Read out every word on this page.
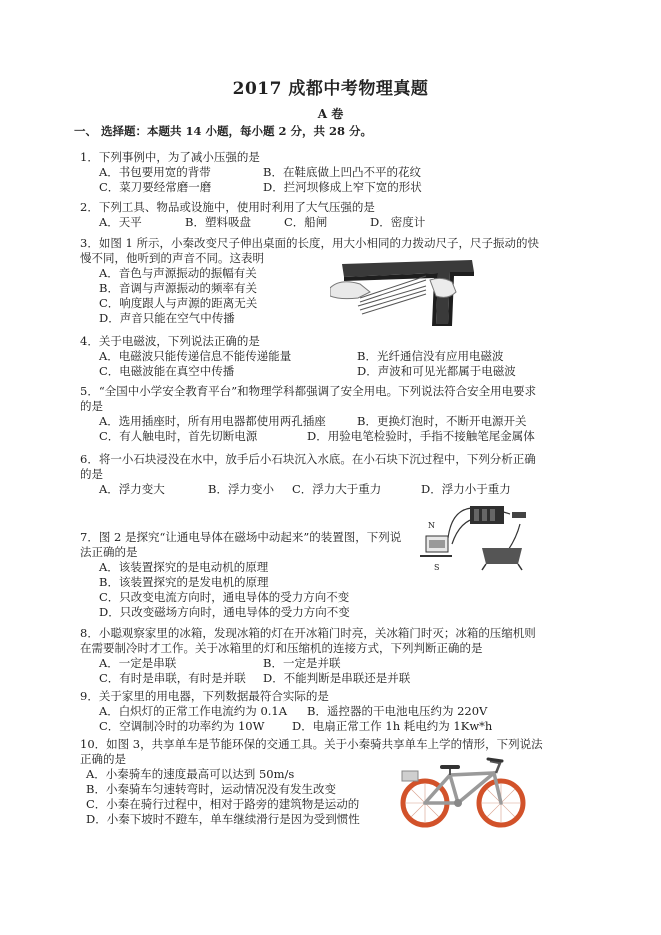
2017 成都中考物理真题
A 卷
一、 选择题：本题共 14 小题，每小题 2 分，共 28 分。
1．下列事例中，为了减小压强的是
A．书包要用宽的背带	B．在鞋底做上凹凸不平的花纹
C．菜刀要经常磨一磨	D．拦河坝修成上窄下宽的形状
2．下列工具、物品或设施中，使用时利用了大气压强的是
A．天平	B．塑料吸盘	C．船闸	D．密度计
3．如图 1 所示，小秦改变尺子伸出桌面的长度，用大小相同的力拨动尺子，尺子振动的快
慢不同，他听到的声音不同。这表明
A．音色与声源振动的振幅有关
B．音调与声源振动的频率有关
C．响度跟人与声源的距离无关
D．声音只能在空气中传播
4．关于电磁波，下列说法正确的是
A．电磁波只能传递信息不能传递能量	B．光纤通信没有应用电磁波
C．电磁波能在真空中传播	D．声波和可见光都属于电磁波
5．“全国中小学安全教育平台”和物理学科都强调了安全用电。下列说法符合安全用电要求
的是
A．选用插座时，所有用电器都使用两孔插座	B．更换灯泡时，不断开电源开关
C．有人触电时，首先切断电源	D．用验电笔检验时，手指不接触笔尾金属体
6．将一小石块浸没在水中，放手后小石块沉入水底。在小石块下沉过程中，下列分析正确
的是
A．浮力变大	B．浮力变小 C．浮力大于重力	D．浮力小于重力
7．图 2 是探究“让通电导体在磁场中动起来”的装置图，下列说
法正确的是
A．该装置探究的是电动机的原理
B．该装置探究的是发电机的原理
C．只改变电流方向时，通电导体的受力方向不变
D．只改变磁场方向时，通电导体的受力方向不变
N
S
8．小聪观察家里的冰箱，发现冰箱的灯在开冰箱门时亮，关冰箱门时灭；冰箱的压缩机则
在需要制冷时才工作。关于冰箱里的灯和压缩机的连接方式，下列判断正确的是
A．一定是串联	B．一定是并联
C．有时是串联，有时是并联 D．不能判断是串联还是并联
9．关于家里的用电器，下列数据最符合实际的是
A．白炽灯的正常工作电流约为 0.1A B．遥控器的干电池电压约为 220V
C．空调制冷时的功率约为 10W D．电扇正常工作 1h 耗电约为 1Kw*h
10．如图 3，共享单车是节能环保的交通工具。关于小秦骑共享单车上学的情形，下列说法
正确的是
A．小秦骑车的速度最高可以达到 50m/s
B．小秦骑车匀速转弯时，运动情况没有发生改变
C．小秦在骑行过程中，相对于路旁的建筑物是运动的
D．小秦下坡时不蹬车，单车继续滑行是因为受到惯性
